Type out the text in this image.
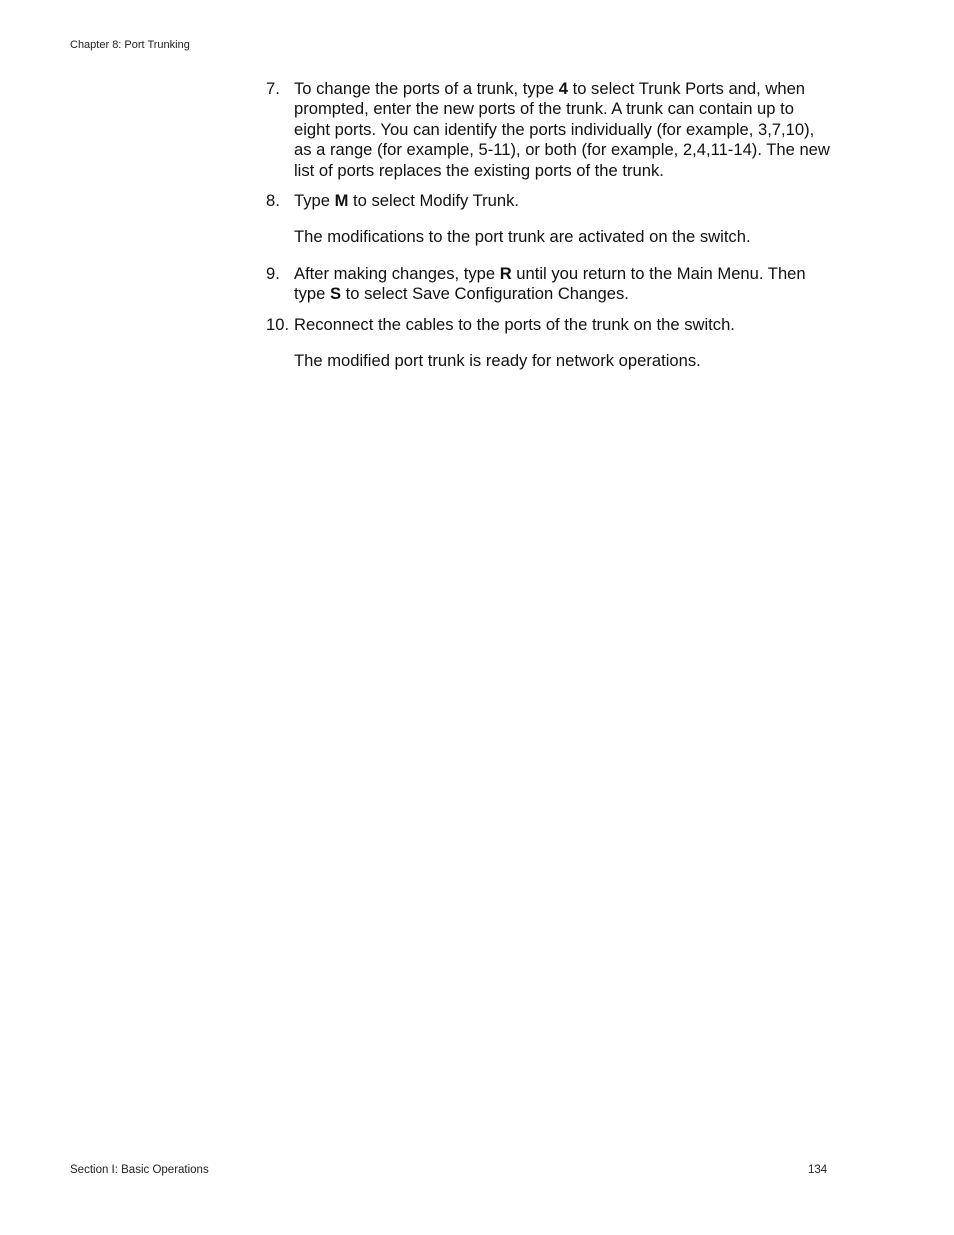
Chapter 8: Port Trunking
7. To change the ports of a trunk, type 4 to select Trunk Ports and, when prompted, enter the new ports of the trunk. A trunk can contain up to eight ports. You can identify the ports individually (for example, 3,7,10), as a range (for example, 5-11), or both (for example, 2,4,11-14). The new list of ports replaces the existing ports of the trunk.
8. Type M to select Modify Trunk.
The modifications to the port trunk are activated on the switch.
9. After making changes, type R until you return to the Main Menu. Then type S to select Save Configuration Changes.
10. Reconnect the cables to the ports of the trunk on the switch.
The modified port trunk is ready for network operations.
Section I: Basic Operations	134
